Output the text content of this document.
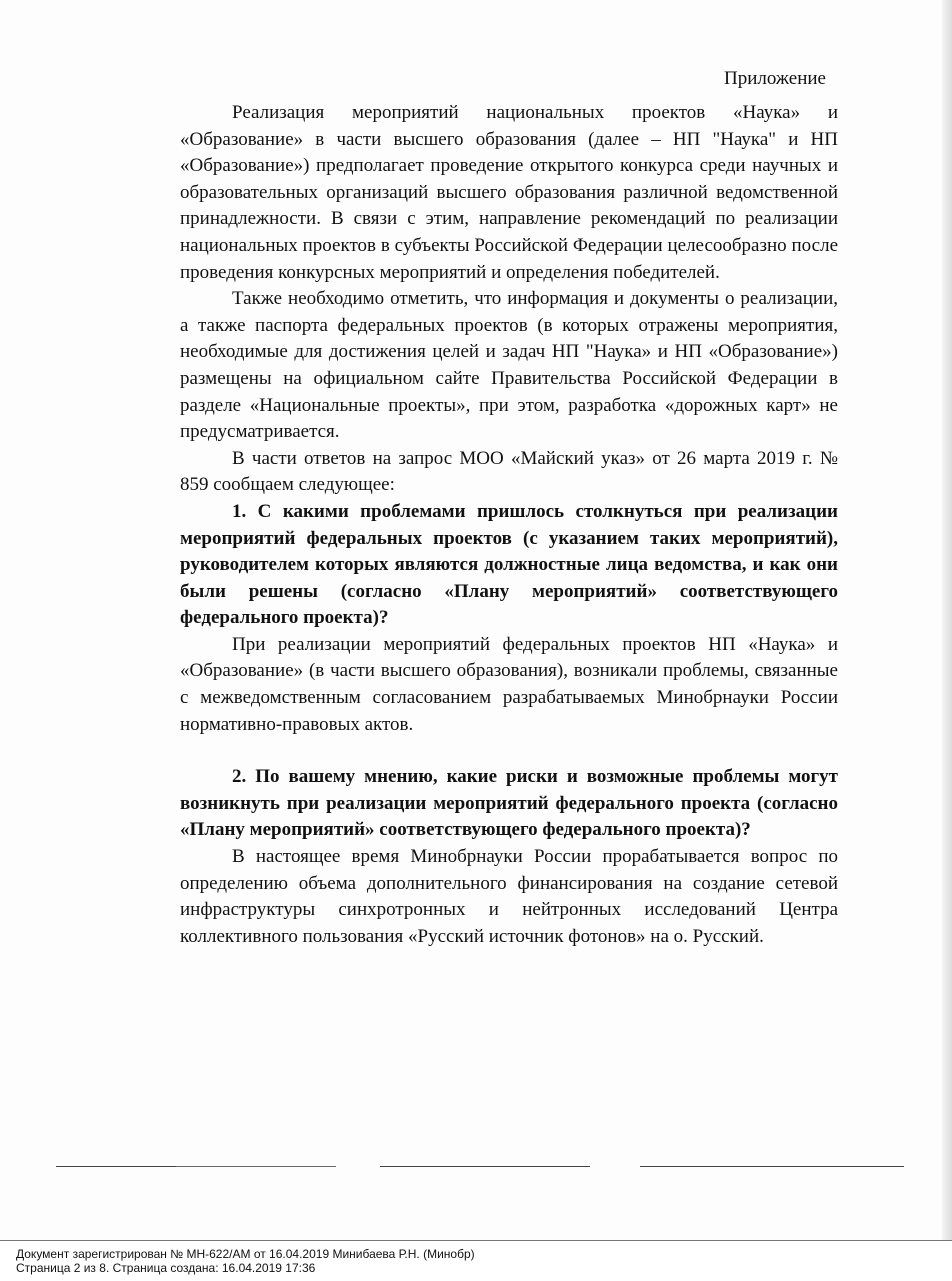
Приложение

Реализация мероприятий национальных проектов «Наука» и «Образование» в части высшего образования (далее – НП "Наука" и НП «Образование») предполагает проведение открытого конкурса среди научных и образовательных организаций высшего образования различной ведомственной принадлежности. В связи с этим, направление рекомендаций по реализации национальных проектов в субъекты Российской Федерации целесообразно после проведения конкурсных мероприятий и определения победителей.

Также необходимо отметить, что информация и документы о реализации, а также паспорта федеральных проектов (в которых отражены мероприятия, необходимые для достижения целей и задач НП "Наука» и НП «Образование») размещены на официальном сайте Правительства Российской Федерации в разделе «Национальные проекты», при этом, разработка «дорожных карт» не предусматривается.

В части ответов на запрос МОО «Майский указ» от 26 марта 2019 г. № 859 сообщаем следующее:

1. С какими проблемами пришлось столкнуться при реализации мероприятий федеральных проектов (с указанием таких мероприятий), руководителем которых являются должностные лица ведомства, и как они были решены (согласно «Плану мероприятий» соответствующего федерального проекта)?

При реализации мероприятий федеральных проектов НП «Наука» и «Образование» (в части высшего образования), возникали проблемы, связанные с межведомственным согласованием разрабатываемых Минобрнауки России нормативно-правовых актов.

2. По вашему мнению, какие риски и возможные проблемы могут возникнуть при реализации мероприятий федерального проекта (согласно «Плану мероприятий» соответствующего федерального проекта)?

В настоящее время Минобрнауки России прорабатывается вопрос по определению объема дополнительного финансирования на создание сетевой инфраструктуры синхротронных и нейтронных исследований Центра коллективного пользования «Русский источник фотонов» на о. Русский.

Документ зарегистрирован № МН-622/АМ от 16.04.2019 Минибаева Р.Н. (Минобр)
Страница 2 из 8. Страница создана: 16.04.2019 17:36
